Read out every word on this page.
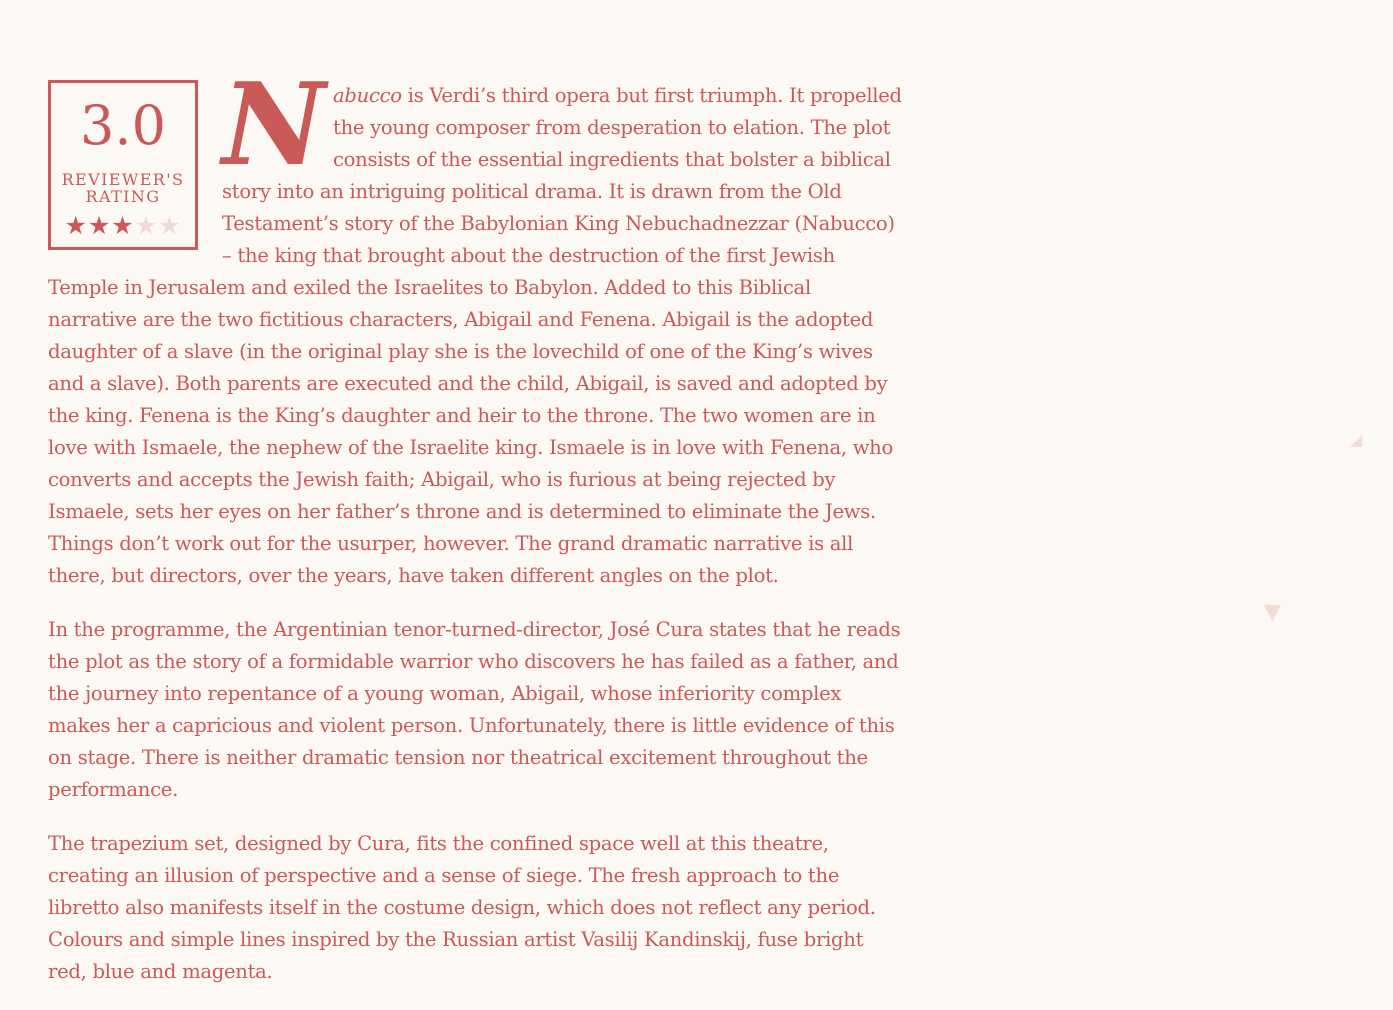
3.0
REVIEWER'S RATING
★★★★★
N abucco is Verdi’s third opera but first triumph. It propelled the young composer from desperation to elation. The plot consists of the essential ingredients that bolster a biblical story into an intriguing political drama. It is drawn from the Old Testament’s story of the Babylonian King Nebuchadnezzar (Nabucco) – the king that brought about the destruction of the first Jewish Temple in Jerusalem and exiled the Israelites to Babylon. Added to this Biblical narrative are the two fictitious characters, Abigail and Fenena. Abigail is the adopted daughter of a slave (in the original play she is the lovechild of one of the King’s wives and a slave). Both parents are executed and the child, Abigail, is saved and adopted by the king. Fenena is the King’s daughter and heir to the throne. The two women are in love with Ismaele, the nephew of the Israelite king. Ismaele is in love with Fenena, who converts and accepts the Jewish faith; Abigail, who is furious at being rejected by Ismaele, sets her eyes on her father’s throne and is determined to eliminate the Jews. Things don’t work out for the usurper, however. The grand dramatic narrative is all there, but directors, over the years, have taken different angles on the plot.

In the programme, the Argentinian tenor-turned-director, José Cura states that he reads the plot as the story of a formidable warrior who discovers he has failed as a father, and the journey into repentance of a young woman, Abigail, whose inferiority complex makes her a capricious and violent person. Unfortunately, there is little evidence of this on stage. There is neither dramatic tension nor theatrical excitement throughout the performance.

The trapezium set, designed by Cura, fits the confined space well at this theatre, creating an illusion of perspective and a sense of siege. The fresh approach to the libretto also manifests itself in the costume design, which does not reflect any period. Colours and simple lines inspired by the Russian artist Vasilij Kandinskij, fuse bright red, blue and magenta.

◢
▼
